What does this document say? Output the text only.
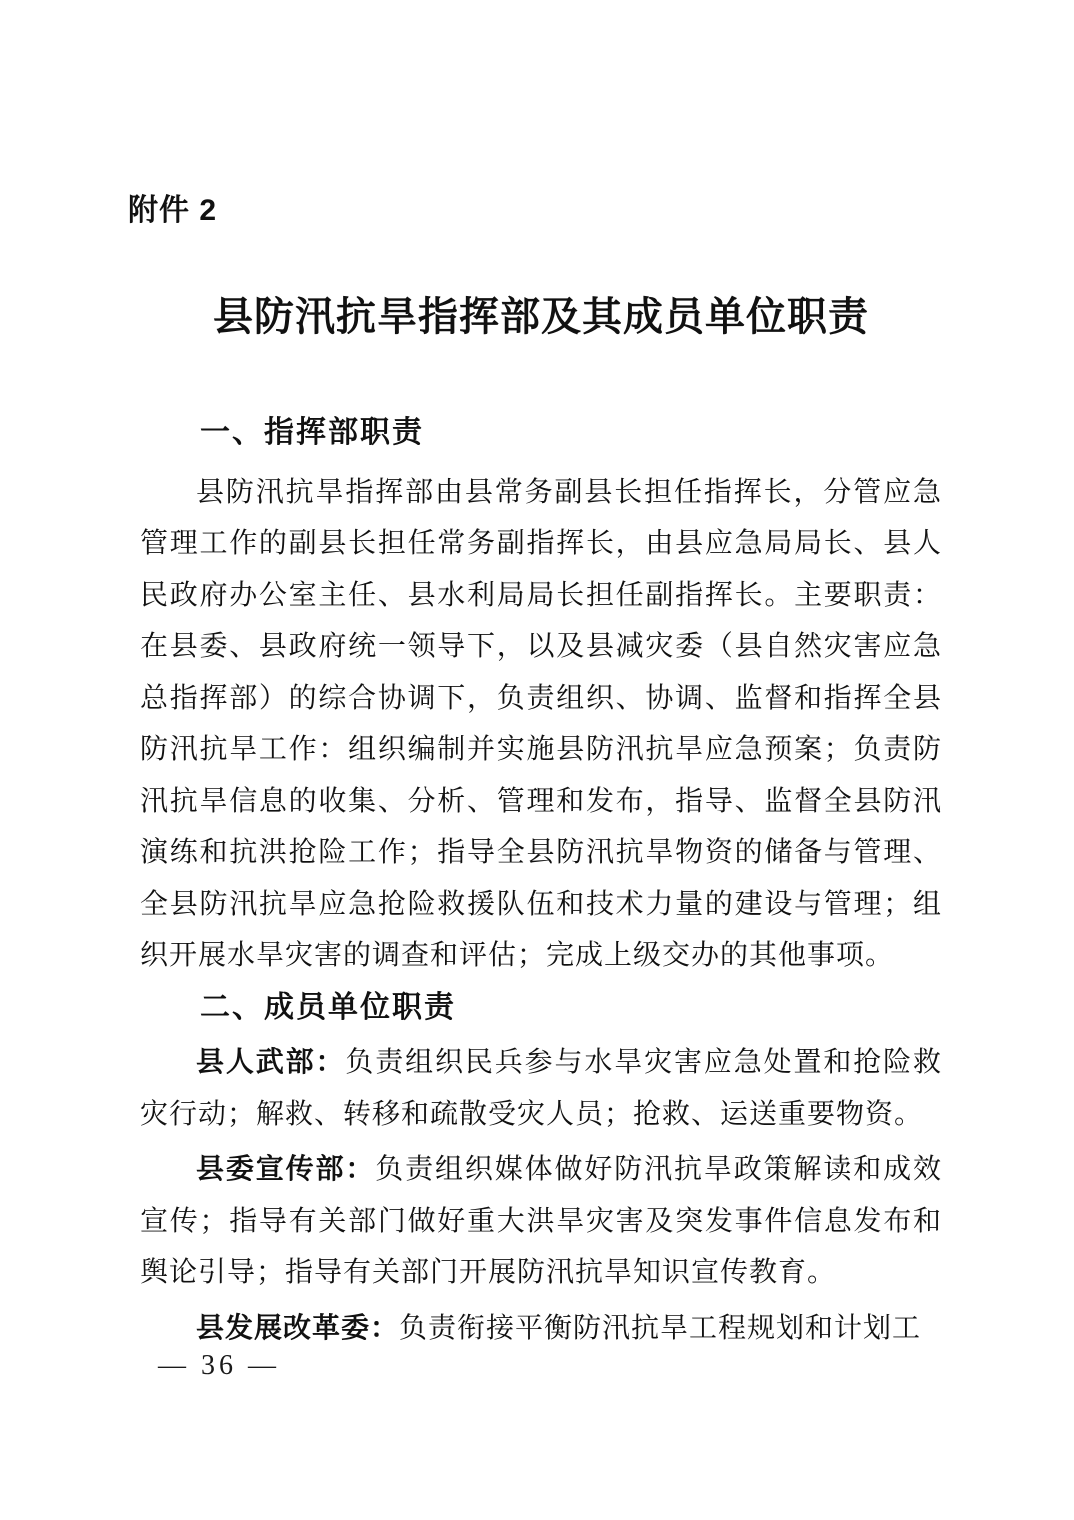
附件 2
县防汛抗旱指挥部及其成员单位职责
一、指挥部职责

县防汛抗旱指挥部由县常务副县长担任指挥长，分管应急管理工作的副县长担任常务副指挥长，由县应急局局长、县人民政府办公室主任、县水利局局长担任副指挥长。主要职责：在县委、县政府统一领导下，以及县减灾委（县自然灾害应急总指挥部）的综合协调下，负责组织、协调、监督和指挥全县防汛抗旱工作：组织编制并实施县防汛抗旱应急预案；负责防汛抗旱信息的收集、分析、管理和发布，指导、监督全县防汛演练和抗洪抢险工作；指导全县防汛抗旱物资的储备与管理、全县防汛抗旱应急抢险救援队伍和技术力量的建设与管理；组织开展水旱灾害的调查和评估；完成上级交办的其他事项。

二、成员单位职责

县人武部：负责组织民兵参与水旱灾害应急处置和抢险救灾行动；解救、转移和疏散受灾人员；抢救、运送重要物资。

县委宣传部：负责组织媒体做好防汛抗旱政策解读和成效宣传；指导有关部门做好重大洪旱灾害及突发事件信息发布和舆论引导；指导有关部门开展防汛抗旱知识宣传教育。

县发展改革委：负责衔接平衡防汛抗旱工程规划和计划工

— 36 —
